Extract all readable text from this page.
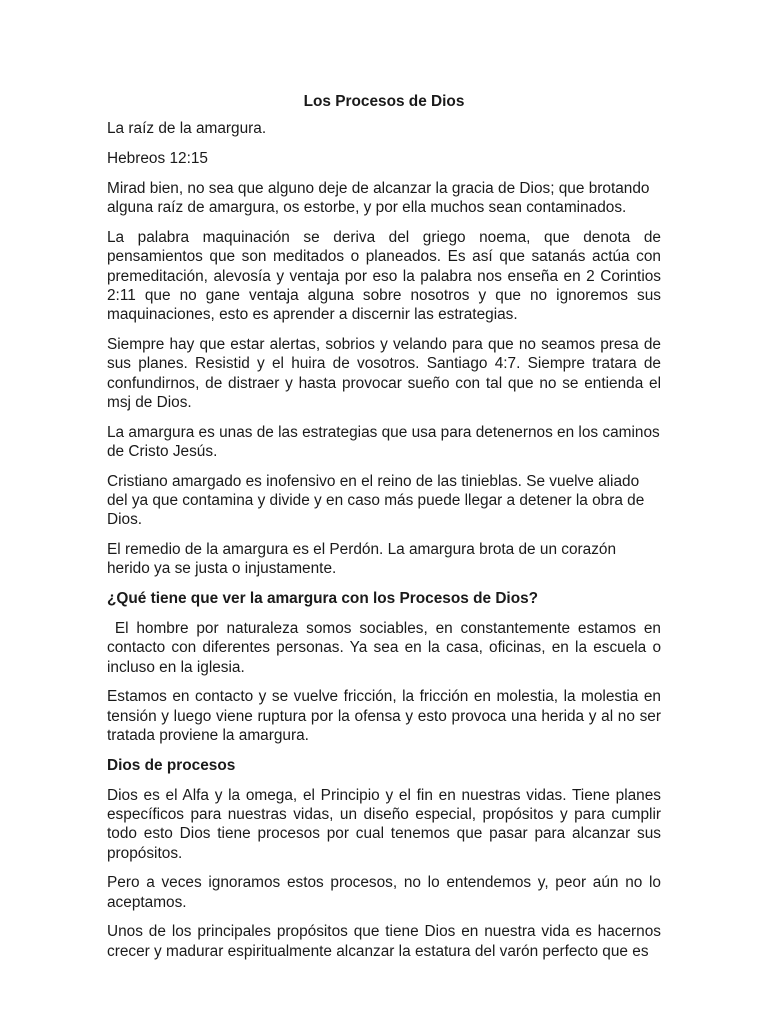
Los Procesos de Dios

La raíz de la amargura.

Hebreos 12:15

Mirad bien, no sea que alguno deje de alcanzar la gracia de Dios; que brotando alguna raíz de amargura, os estorbe, y por ella muchos sean contaminados.

La palabra maquinación se deriva del griego noema, que denota de pensamientos que son meditados o planeados. Es así que satanás actúa con premeditación, alevosía y ventaja por eso la palabra nos enseña en 2 Corintios 2:11 que no gane ventaja alguna sobre nosotros y que no ignoremos sus maquinaciones, esto es aprender a discernir las estrategias.

Siempre hay que estar alertas, sobrios y velando para que no seamos presa de sus planes. Resistid y el huira de vosotros. Santiago 4:7. Siempre tratara de confundirnos, de distraer y hasta provocar sueño con tal que no se entienda el msj de Dios.

La amargura es unas de las estrategias que usa para detenernos en los caminos de Cristo Jesús.

Cristiano amargado es inofensivo en el reino de las tinieblas. Se vuelve aliado del ya que contamina y divide y en caso más puede llegar a detener la obra de Dios.

El remedio de la amargura es el Perdón. La amargura brota de un corazón herido ya se justa o injustamente.

¿Qué tiene que ver la amargura con los Procesos de Dios?

El hombre por naturaleza somos sociables, en constantemente estamos en contacto con diferentes personas. Ya sea en la casa, oficinas, en la escuela o incluso en la iglesia.

Estamos en contacto y se vuelve fricción, la fricción en molestia, la molestia en tensión y luego viene ruptura por la ofensa y esto provoca una herida y al no ser tratada proviene la amargura.

Dios de procesos

Dios es el Alfa y la omega, el Principio y el fin en nuestras vidas. Tiene planes específicos para nuestras vidas, un diseño especial, propósitos y para cumplir todo esto Dios tiene procesos por cual tenemos que pasar para alcanzar sus propósitos.

Pero a veces ignoramos estos procesos, no lo entendemos y, peor aún no lo aceptamos.

Unos de los principales propósitos que tiene Dios en nuestra vida es hacernos crecer y madurar espiritualmente alcanzar la estatura del varón perfecto que es
